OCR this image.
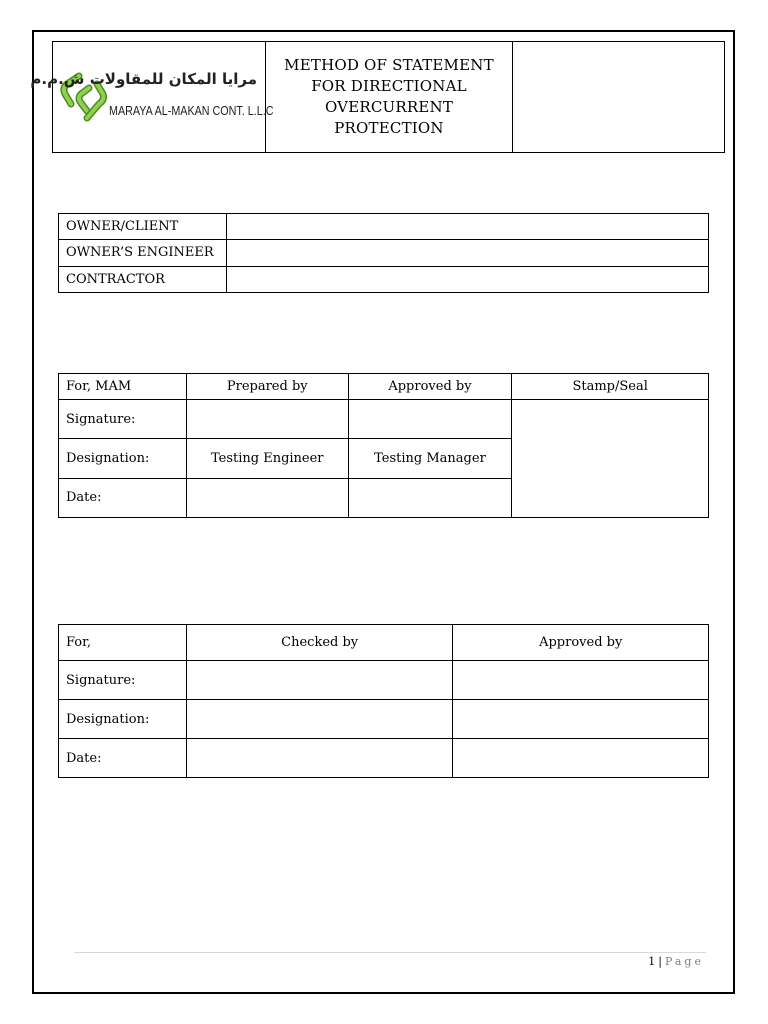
مرايا المكان للمقاولات ش.م.م
MARAYA AL-MAKAN CONT. L.L.C

METHOD OF STATEMENT
FOR DIRECTIONAL
OVERCURRENT
PROTECTION

OWNER/CLIENT	
OWNER’S ENGINEER	
CONTRACTOR	
For, MAM	Prepared by	Approved by	Stamp/Seal
Signature:			
Designation:	Testing Engineer	Testing Manager	
Date:			
For,	Checked by	Approved by
Signature:		
Designation:		
Date:		
1 | Page
